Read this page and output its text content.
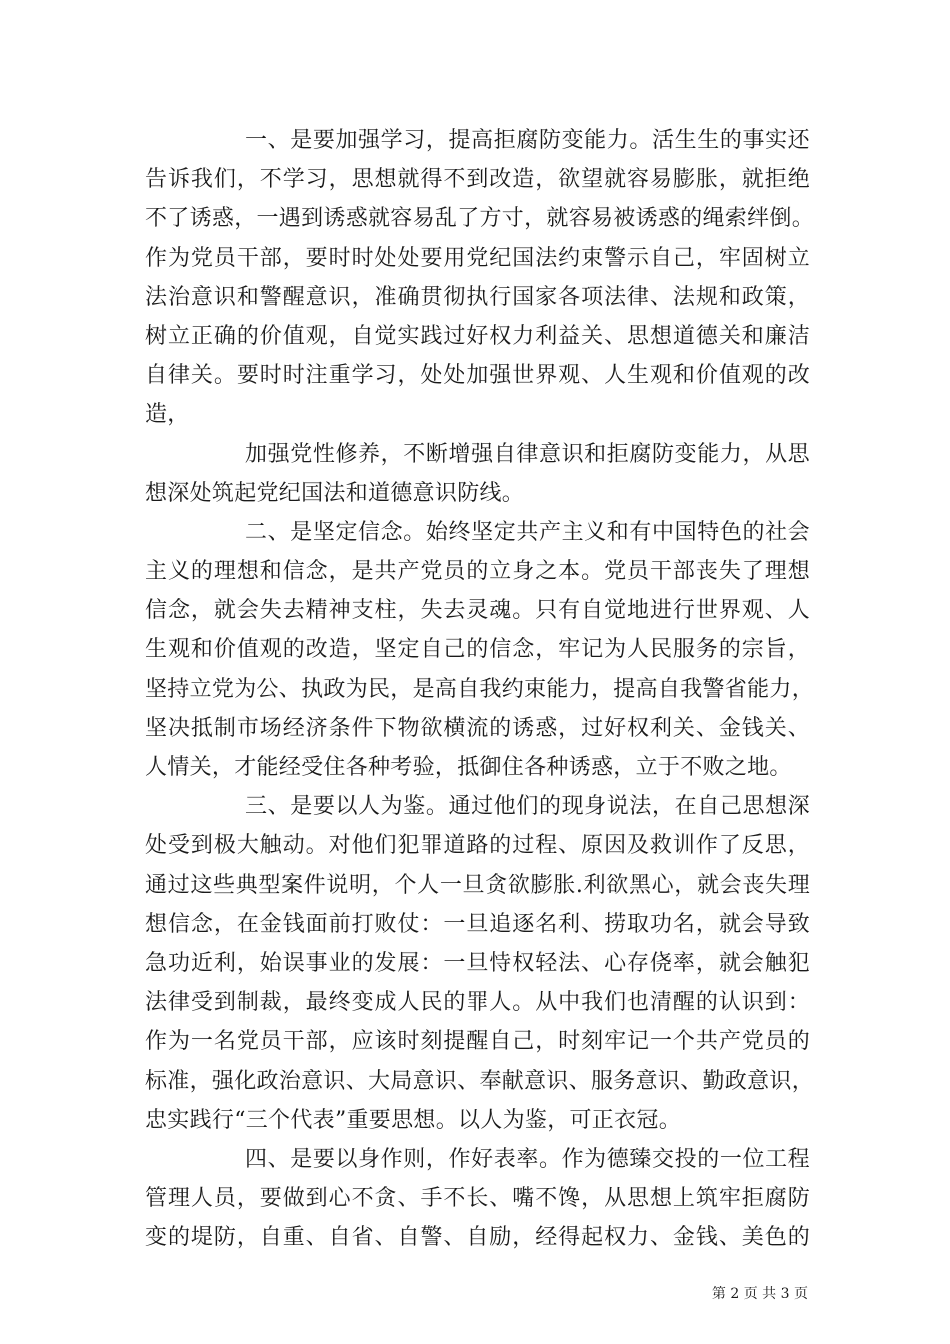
一、是要加强学习，提高拒腐防变能力。活生生的事实还
告诉我们，不学习，思想就得不到改造，欲望就容易膨胀，就拒绝
不了诱惑，一遇到诱惑就容易乱了方寸，就容易被诱惑的绳索绊倒。
作为党员干部，要时时处处要用党纪国法约束警示自己，牢固树立
法治意识和警醒意识，准确贯彻执行国家各项法律、法规和政策，
树立正确的价值观，自觉实践过好权力利益关、思想道德关和廉洁
自律关。要时时注重学习，处处加强世界观、人生观和价值观的改
造，
加强党性修养，不断增强自律意识和拒腐防变能力，从思
想深处筑起党纪国法和道德意识防线。
二、是坚定信念。始终坚定共产主义和有中国特色的社会
主义的理想和信念，是共产党员的立身之本。党员干部丧失了理想
信念，就会失去精神支柱，失去灵魂。只有自觉地进行世界观、人
生观和价值观的改造，坚定自己的信念，牢记为人民服务的宗旨，
坚持立党为公、执政为民，是高自我约束能力，提高自我警省能力，
坚决抵制市场经济条件下物欲横流的诱惑，过好权利关、金钱关、
人情关，才能经受住各种考验，抵御住各种诱惑，立于不败之地。
三、是要以人为鉴。通过他们的现身说法，在自己思想深
处受到极大触动。对他们犯罪道路的过程、原因及救训作了反思，
通过这些典型案件说明，个人一旦贪欲膨胀.利欲黑心，就会丧失理
想信念，在金钱面前打败仗：一旦追逐名利、捞取功名，就会导致
急功近利，始误事业的发展：一旦恃权轻法、心存侥率，就会触犯
法律受到制裁，最终变成人民的罪人。从中我们也清醒的认识到：
作为一名党员干部，应该时刻提醒自己，时刻牢记一个共产党员的
标准，强化政治意识、大局意识、奉献意识、服务意识、勤政意识，
忠实践行“三个代表”重要思想。以人为鉴，可正衣冠。
四、是要以身作则，作好表率。作为德臻交投的一位工程
管理人员，要做到心不贪、手不长、嘴不馋，从思想上筑牢拒腐防
变的堤防，自重、自省、自警、自励，经得起权力、金钱、美色的
第 2 页 共 3 页
